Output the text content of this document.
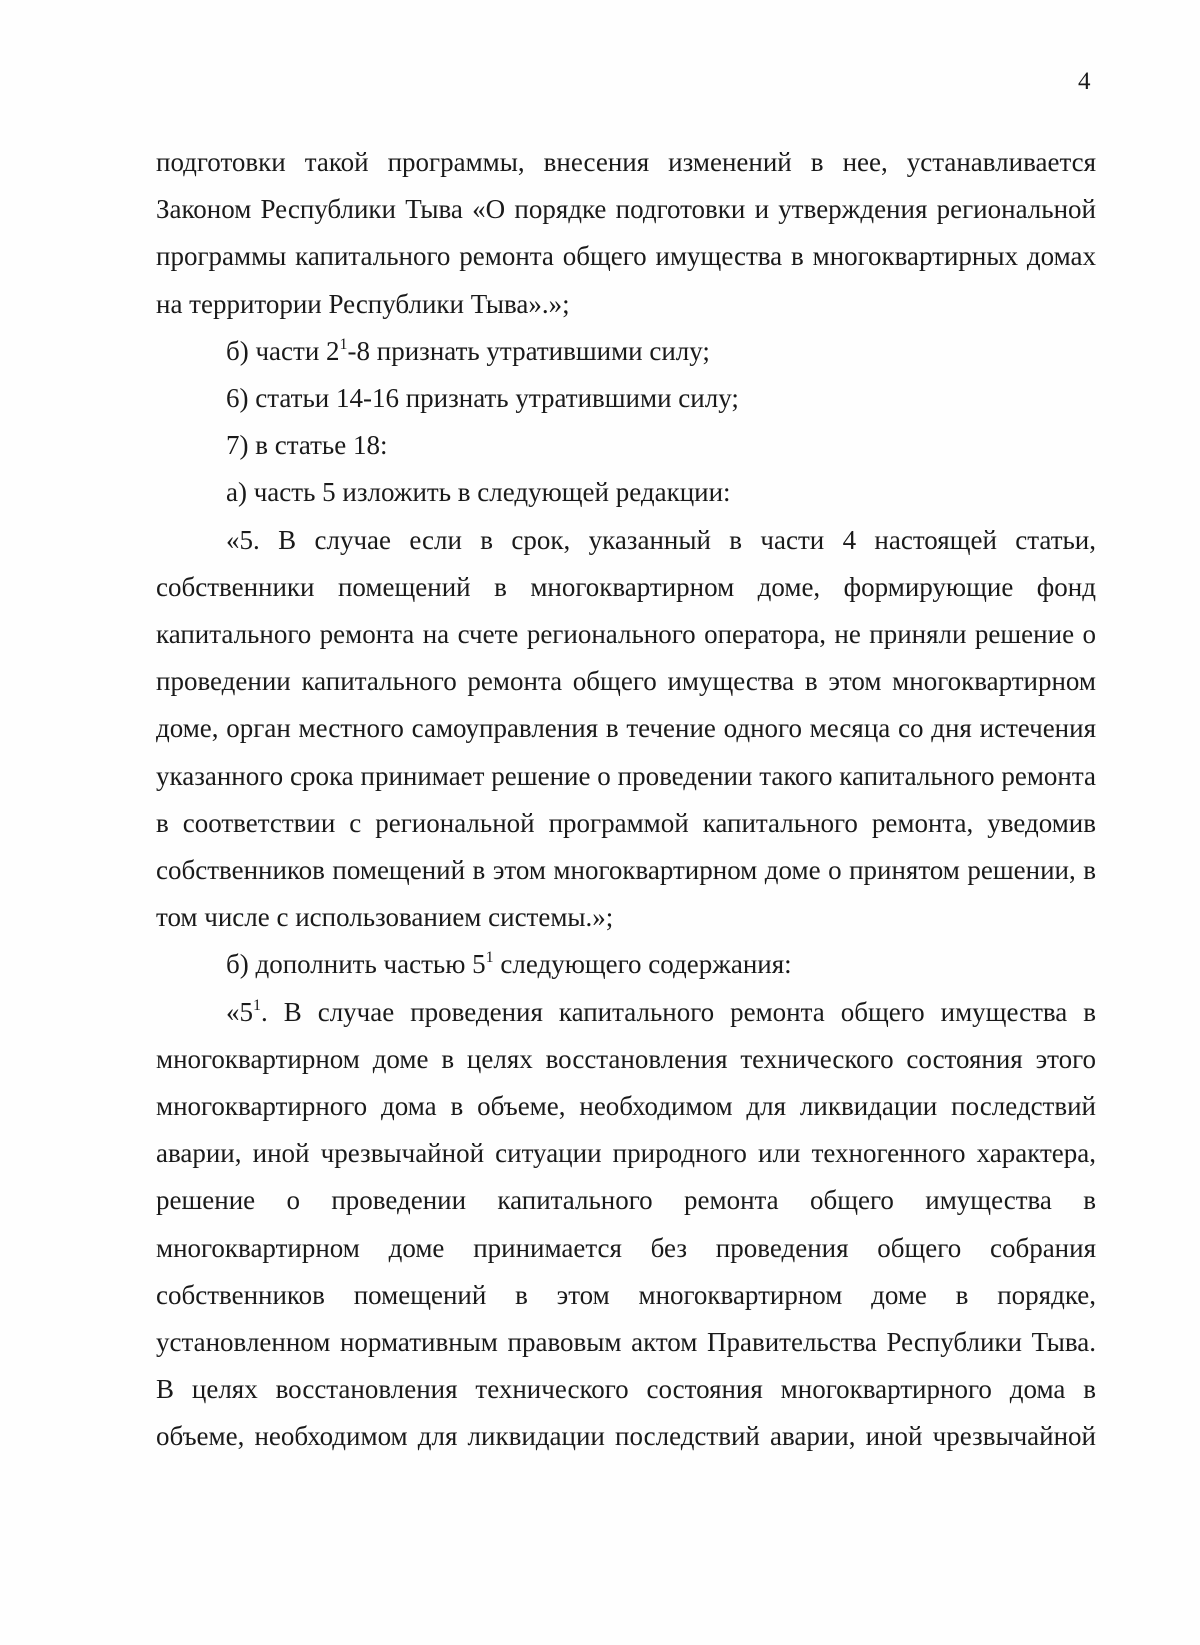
4

подготовки такой программы, внесения изменений в нее, устанавливается Законом Республики Тыва «О порядке подготовки и утверждения региональной программы капитального ремонта общего имущества в многоквартирных домах на территории Республики Тыва».»;

б) части $2^1-8$ признать утратившими силу;

6) статьи 14-16 признать утратившими силу;

7) в статье 18:

а) часть 5 изложить в следующей редакции:

«5. В случае если в срок, указанный в части 4 настоящей статьи, собственники помещений в многоквартирном доме, формирующие фонд капитального ремонта на счете регионального оператора, не приняли решение о проведении капитального ремонта общего имущества в этом многоквартирном доме, орган местного самоуправления в течение одного месяца со дня истечения указанного срока принимает решение о проведении такого капитального ремонта в соответствии с региональной программой капитального ремонта, уведомив собственников помещений в этом многоквартирном доме о принятом решении, в том числе с использованием системы.»;

б) дополнить частью $5^1$ следующего содержания:

«$5^1$. В случае проведения капитального ремонта общего имущества в многоквартирном доме в целях восстановления технического состояния этого многоквартирного дома в объеме, необходимом для ликвидации последствий аварии, иной чрезвычайной ситуации природного или техногенного характера, решение о проведении капитального ремонта общего имущества в многоквартирном доме принимается без проведения общего собрания собственников помещений в этом многоквартирном доме в порядке, установленном нормативным правовым актом Правительства Республики Тыва. В целях восстановления технического состояния многоквартирного дома в объеме, необходимом для ликвидации последствий аварии, иной чрезвычайной
